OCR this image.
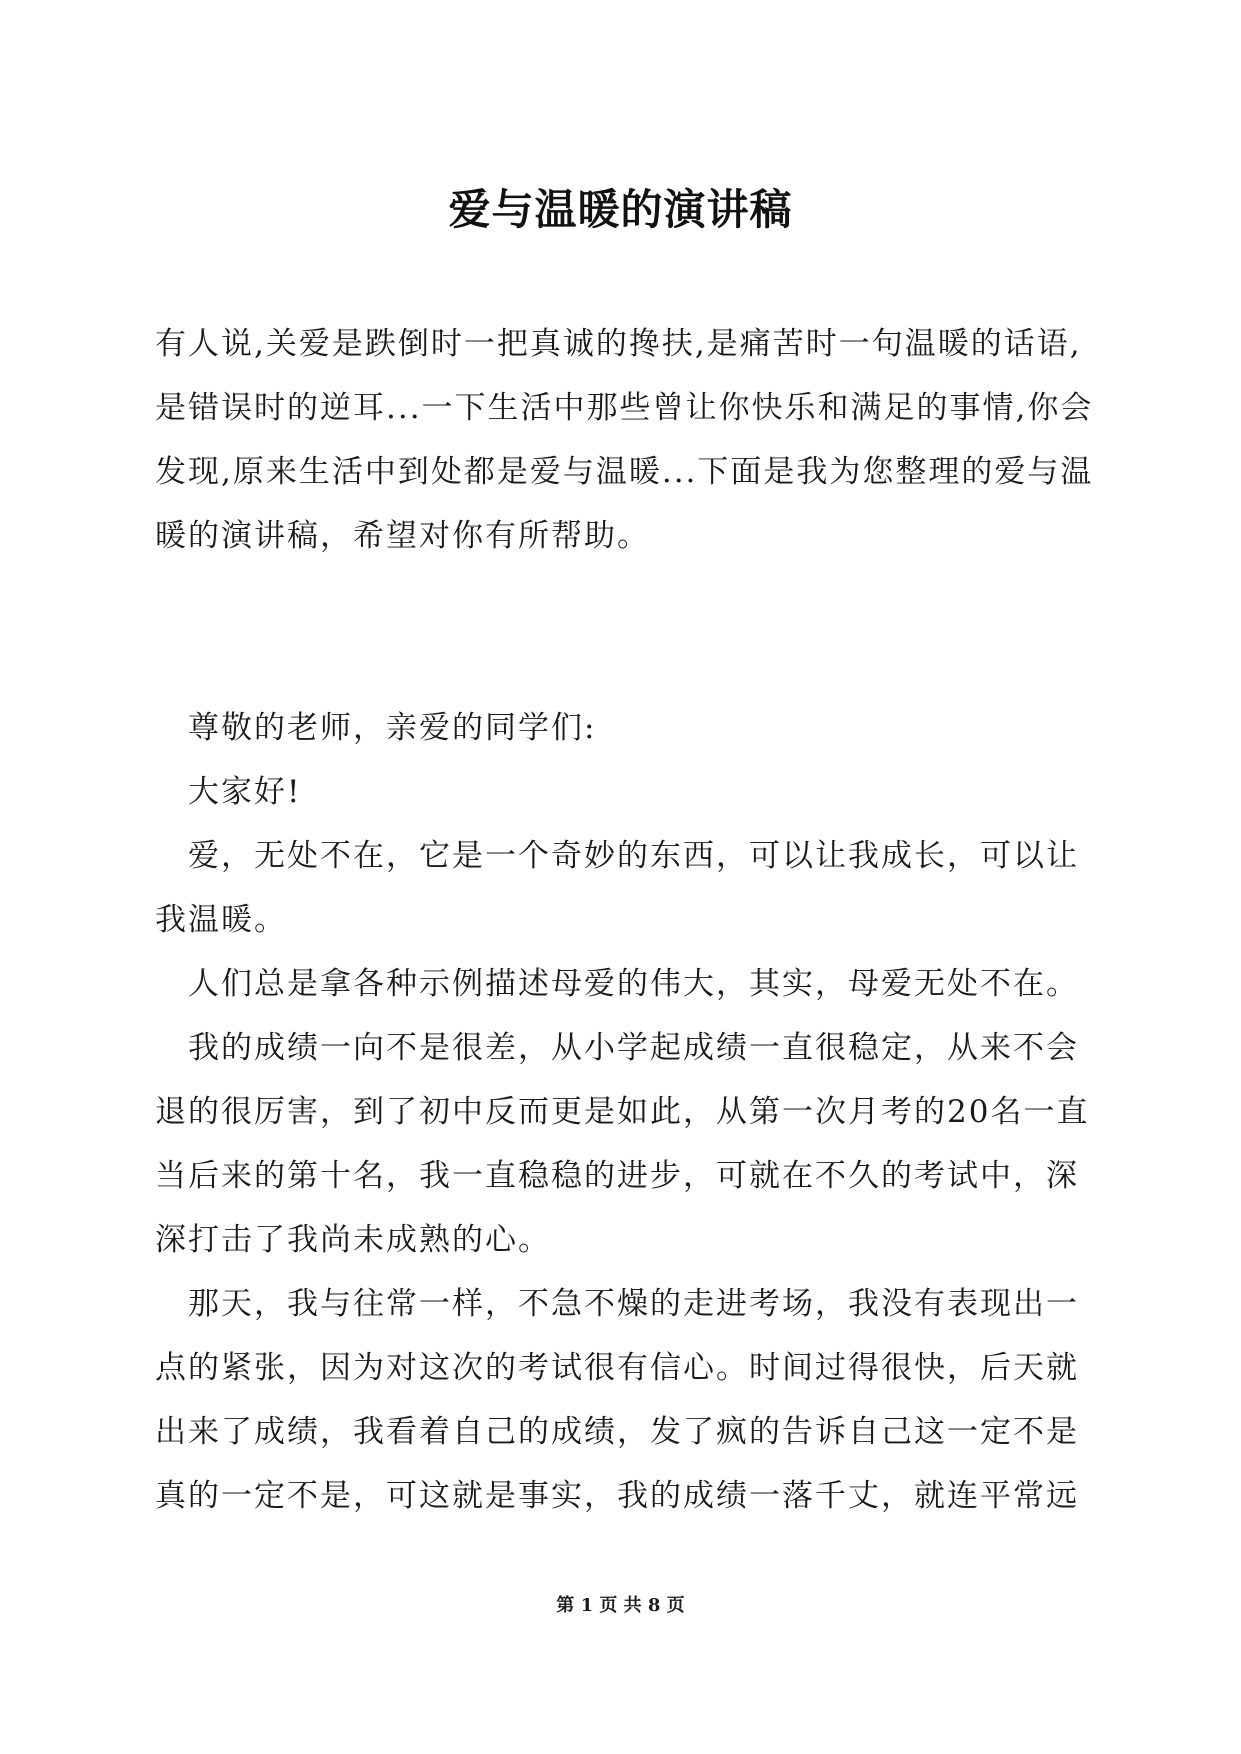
爱与温暖的演讲稿
有人说,关爱是跌倒时一把真诚的搀扶,是痛苦时一句温暖的话语,是错误时的逆耳...一下生活中那些曾让你快乐和满足的事情,你会发现,原来生活中到处都是爱与温暖...下面是我为您整理的爱与温暖的演讲稿，希望对你有所帮助。

尊敬的老师，亲爱的同学们:

大家好!

爱，无处不在，它是一个奇妙的东西，可以让我成长，可以让我温暖。

人们总是拿各种示例描述母爱的伟大，其实，母爱无处不在。

我的成绩一向不是很差，从小学起成绩一直很稳定，从来不会退的很厉害，到了初中反而更是如此，从第一次月考的20名一直当后来的第十名，我一直稳稳的进步，可就在不久的考试中，深深打击了我尚未成熟的心。

那天，我与往常一样，不急不燥的走进考场，我没有表现出一点的紧张，因为对这次的考试很有信心。时间过得很快，后天就出来了成绩，我看着自己的成绩，发了疯的告诉自己这一定不是真的一定不是，可这就是事实，我的成绩一落千丈，就连平常远

第 1 页 共 8 页
